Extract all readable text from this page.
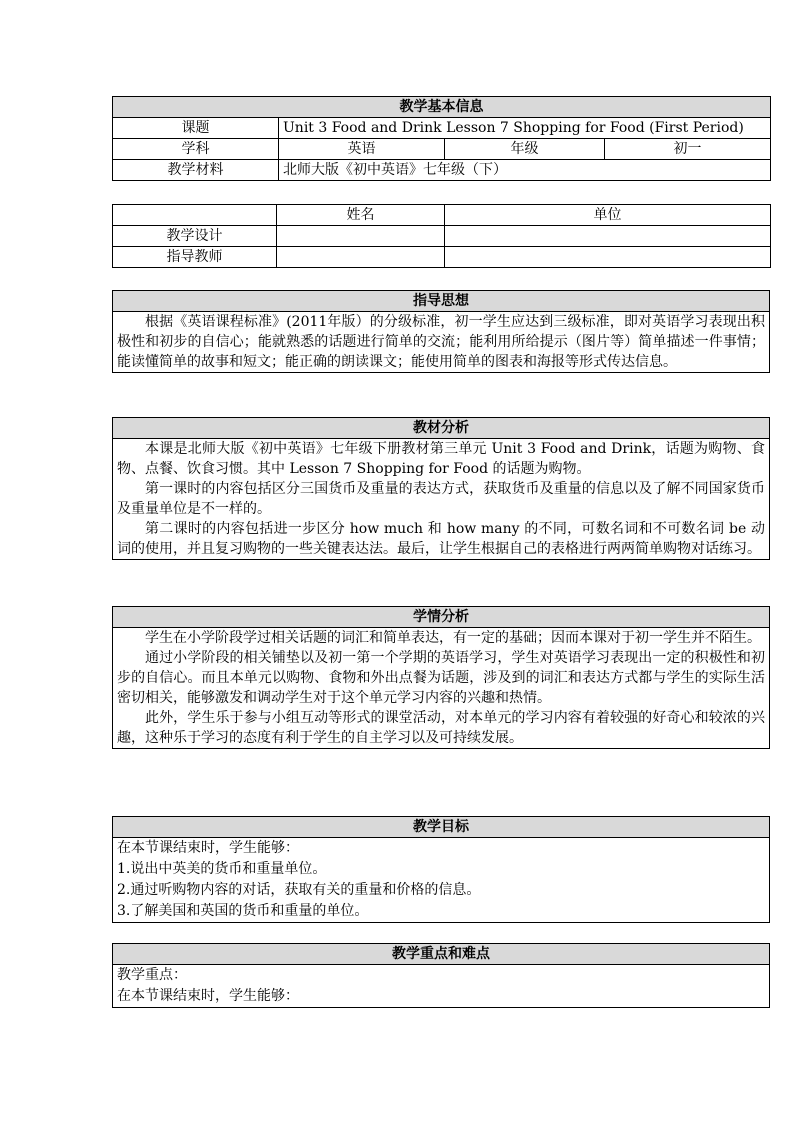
教学基本信息			
课题	Unit 3 Food and Drink Lesson 7 Shopping for Food (First Period)		
学科	英语	年级	初一
教学材料	北师大版《初中英语》七年级（下）		
	姓名	单位
教学设计		
指导教师		
指导思想

根据《英语课程标准》(2011年版）的分级标准，初一学生应达到三级标准，即对英语学习表现出积极性和初步的自信心；能就熟悉的话题进行简单的交流；能利用所给提示（图片等）简单描述一件事情；能读懂简单的故事和短文；能正确的朗读课文；能使用简单的图表和海报等形式传达信息。

教材分析

本课是北师大版《初中英语》七年级下册教材第三单元 Unit 3 Food and Drink，话题为购物、食物、点餐、饮食习惯。其中 Lesson 7 Shopping for Food 的话题为购物。

第一课时的内容包括区分三国货币及重量的表达方式，获取货币及重量的信息以及了解不同国家货币及重量单位是不一样的。

第二课时的内容包括进一步区分 how much 和 how many 的不同，可数名词和不可数名词 be 动词的使用，并且复习购物的一些关键表达法。最后，让学生根据自己的表格进行两两简单购物对话练习。

学情分析

学生在小学阶段学过相关话题的词汇和简单表达，有一定的基础；因而本课对于初一学生并不陌生。

通过小学阶段的相关铺垫以及初一第一个学期的英语学习，学生对英语学习表现出一定的积极性和初步的自信心。而且本单元以购物、食物和外出点餐为话题，涉及到的词汇和表达方式都与学生的实际生活密切相关，能够激发和调动学生对于这个单元学习内容的兴趣和热情。

此外，学生乐于参与小组互动等形式的课堂活动，对本单元的学习内容有着较强的好奇心和较浓的兴趣，这种乐于学习的态度有利于学生的自主学习以及可持续发展。

教学目标

在本节课结束时，学生能够：

1.说出中英美的货币和重量单位。

2.通过听购物内容的对话，获取有关的重量和价格的信息。

3.了解美国和英国的货币和重量的单位。

教学重点和难点

教学重点：

在本节课结束时，学生能够：
